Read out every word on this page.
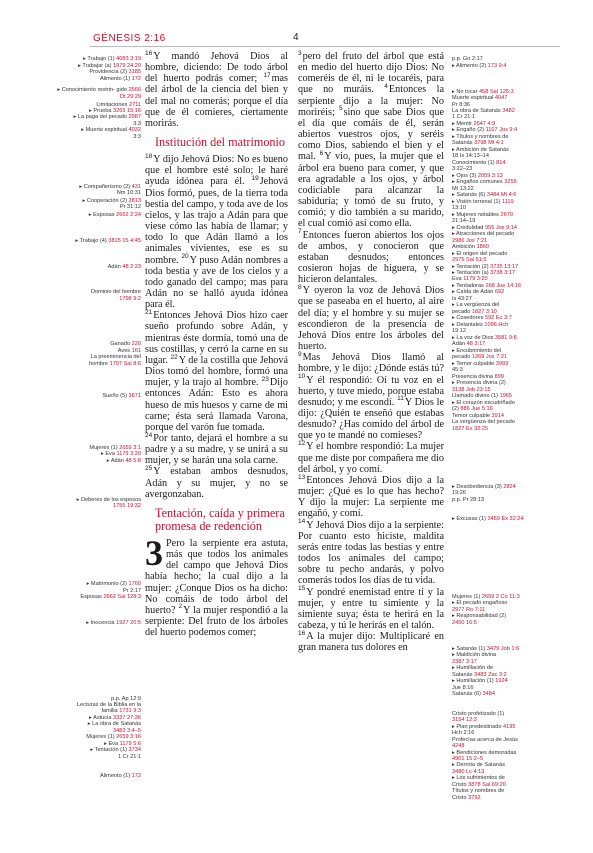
GÉNESIS 2:16	4
▸ Trabajo (1) 4083 3:19
▸ Trabajar (a) 1979 24:20
Providencia (2) 3185
Alimento (1) 172
▸ Conocimiento restrin- gido 2566 Dt 29:29
Limitaciones 2711
▸ Prueba 3265 15:16
▸ La paga del pecado 2987
3:3
▸ Muerte espiritual 4032
3:3
▸ Compañerismo (2) 431
Nm 10:31
▸ Cooperación (2) 2813
Pr 31:12
▸ Esposas 2662 2:24
▸ Trabajo (4) 3815 15 4:45
Adán 48 2:23
Dominio del hombre
1798 9:2
Ganado 220
Aves 161
La preeminencia del
hombre 1797 Sal 8:6
Sueño (5) 3671
Mujeres (1) 2659 3:1
▸ Eva 1179 3:20
▸ Adán 48 5:8
▸ Deberes de los esposos
1755 19:32
▸ Matrimonio (2) 1760
Pr 2:17
Esposas 2662 Sal 128:3
▸ Inocencia 1927 20:5
p.p. Ap 12:9
Lecturas de la Biblia en la
familia 1731 9:3
▸ Astucia 3337 27:36
▸ La obra de Satanás
3483 3:4–5
Mujeres (1) 2659 3:16
▸ Eva 1179 5:6
▸ Tentación (1) 3734
1 Cr 21:1
Alimento (1) 172
p.p. Gn 2:17
▸ Alimento (2) 173 9:4
▸ No tocar 458 Sal 125:3
Muerte espiritual 4047
Pr 8:36
La obra de Satanás 3482
1 Cr 21:1
▸ Mentir 2647 4:9
▸ Engaño (2) 1107 Jos 9:4
▸ Títulos y nombres de
Satanás 3798 Mt 4:1
▸ Ambición de Satanás
18 Is 14:13–14
Conocimiento (1) 814
3:22–23
▸ Ojos (3) 2059 3:13
▸ Engaños comunes 3256
Mt 13:22
▸ Satanás (6) 3484 Mt 4:6
▸ Visión terrenal (1) 1119
13:10
▸ Mujeres notables 2670
21:14–19
▸ Credulidad 955 Jos 9:14
▸ Atracciones del pecado
2986 Jos 7:21
Ambición 1860
▸ El origen del pecado
2975 Sal 51:5
▸ Tentación (2) 3735 13:17
▸ Tentación (a) 3738 3:17
Eva 1179 3:20
▸ Tentadoras 268 Jue 14:16
▸ Caída de Adán 692
Is 43:27
▸ La vergüenza del
pecado 1827 3:10
▸ Cosedores 592 Ec 3:7
▸ Delantales 1096 Hch
19:12
▸ La voz de Dios 3581 9:8
Adán 48 3:17
▸ Encubrimiento del
pecado 1269 Jos 7:21
▸ Temor culpable 3993
45:3
Presencia divina 899
▸ Presencia divina (2)
3138 Job 23:15
Llamado divino (1) 1965
▸ El corazón escudriñado
(2) 886 Jue 5:16
Temor culpable 3914
La vergüenza del pecado
1827 Éx 32:25
▸ Desobediencia (3) 2824
19:26
p.p. Pr 28:13
▸ Excusas (1) 3459 Éx 32:24
Mujeres (1) 2659 2 Co 11:3
▸ El pecado engañoso
2977 Ro 7:11
▸ Responsabilidad (2)
2450 16:5
▸ Satanás (1) 3479 Job 1:6
▸ Maldición divina
2387 3:17
▸ Humillación de
Satanás 3483 Zac 3:2
▸ Humillación (1) 1924
Jue 8:16
Satanás (6) 3484
Cristo profetizado (1)
3154 12:3
▸ Plan predestinado 4195
Hch 2:16
Profecías acerca de Jesús
4248
▸ Bendiciones demoradas
4901 15:2–5
▸ Derrota de Satanás
3480 Lc 4:13
▸ Los sufrimientos de
Cristo 3878 Sal 69:20
Títulos y nombres de
Cristo 3792

$^{16}$Y mandó Jehová Dios al hombre, diciendo: De todo árbol del huerto podrás comer; $^{17}$mas del árbol de la ciencia del bien y del mal no comerás; porque el día que de él comieres, ciertamente morirás.

Institución del matrimonio

$^{18}$Y dijo Jehová Dios: No es bueno que el hombre esté solo; le haré ayuda idónea para él. $^{19}$Jehová Dios formó, pues, de la tierra toda bestia del campo, y toda ave de los cielos, y las trajo a Adán para que viese cómo las había de llamar; y todo lo que Adán llamó a los animales vivientes, ese es su nombre. $^{20}$Y puso Adán nombres a toda bestia y ave de los cielos y a todo ganado del campo; mas para Adán no se halló ayuda idónea para él.

$^{21}$Entonces Jehová Dios hizo caer sueño profundo sobre Adán, y mientras éste dormía, tomó una de sus costillas, y cerró la carne en su lugar. $^{22}$Y de la costilla que Jehová Dios tomó del hombre, formó una mujer, y la trajo al hombre. $^{23}$Dijo entonces Adán: Esto es ahora hueso de mis huesos y carne de mi carne; ésta será llamada Varona, porque del varón fue tomada.

$^{24}$Por tanto, dejará el hombre a su padre y a su madre, y se unirá a su mujer, y se harán una sola carne.

$^{25}$Y estaban ambos desnudos, Adán y su mujer, y no se avergonzaban.

Tentación, caída y primera promesa de redención

3 Pero la serpiente era astuta, más que todos los animales del campo que Jehová Dios había hecho; la cual dijo a la mujer: ¿Conque Dios os ha dicho: No comáis de todo árbol del huerto? $^2$Y la mujer respondió a la serpiente: Del fruto de los árboles del huerto podemos comer;

$^3$pero del fruto del árbol que está en medio del huerto dijo Dios: No comeréis de él, ni le tocaréis, para que no muráis. $^4$Entonces la serpiente dijo a la mujer: No moriréis; $^5$sino que sabe Dios que el día que comáis de él, serán abiertos vuestros ojos, y seréis como Dios, sabiendo el bien y el mal. $^6$Y vio, pues, la mujer que el árbol era bueno para comer, y que era agradable a los ojos, y árbol codiciable para alcanzar la sabiduría; y tomó de su fruto, y comió; y dio también a su marido, el cual comió así como ella.

$^7$Entonces fueron abiertos los ojos de ambos, y conocieron que estaban desnudos; entonces cosieron hojas de higuera, y se hicieron delantales.

$^8$Y oyeron la voz de Jehová Dios que se paseaba en el huerto, al aire del día; y el hombre y su mujer se escondieron de la presencia de Jehová Dios entre los árboles del huerto.

$^9$Mas Jehová Dios llamó al hombre, y le dijo: ¿Dónde estás tú? $^{10}$Y él respondió: Oí tu voz en el huerto, y tuve miedo, porque estaba desnudo; y me escondí. $^{11}$Y Dios le dijo: ¿Quién te enseñó que estabas desnudo? ¿Has comido del árbol de que yo te mandé no comieses?

$^{12}$Y el hombre respondió: La mujer que me diste por compañera me dio del árbol, y yo comí.

$^{13}$Entonces Jehová Dios dijo a la mujer: ¿Qué es lo que has hecho? Y dijo la mujer: La serpiente me engañó, y comí.

$^{14}$Y Jehová Dios dijo a la serpiente: Por cuanto esto hiciste, maldita serás entre todas las bestias y entre todos los animales del campo; sobre tu pecho andarás, y polvo comerás todos los días de tu vida.

$^{15}$Y pondré enemistad entre ti y la mujer, y entre tu simiente y la simiente suya; ésta te herirá en la cabeza, y tú le herirás en el talón.

$^{16}$A la mujer dijo: Multiplicaré en gran manera tus dolores en
